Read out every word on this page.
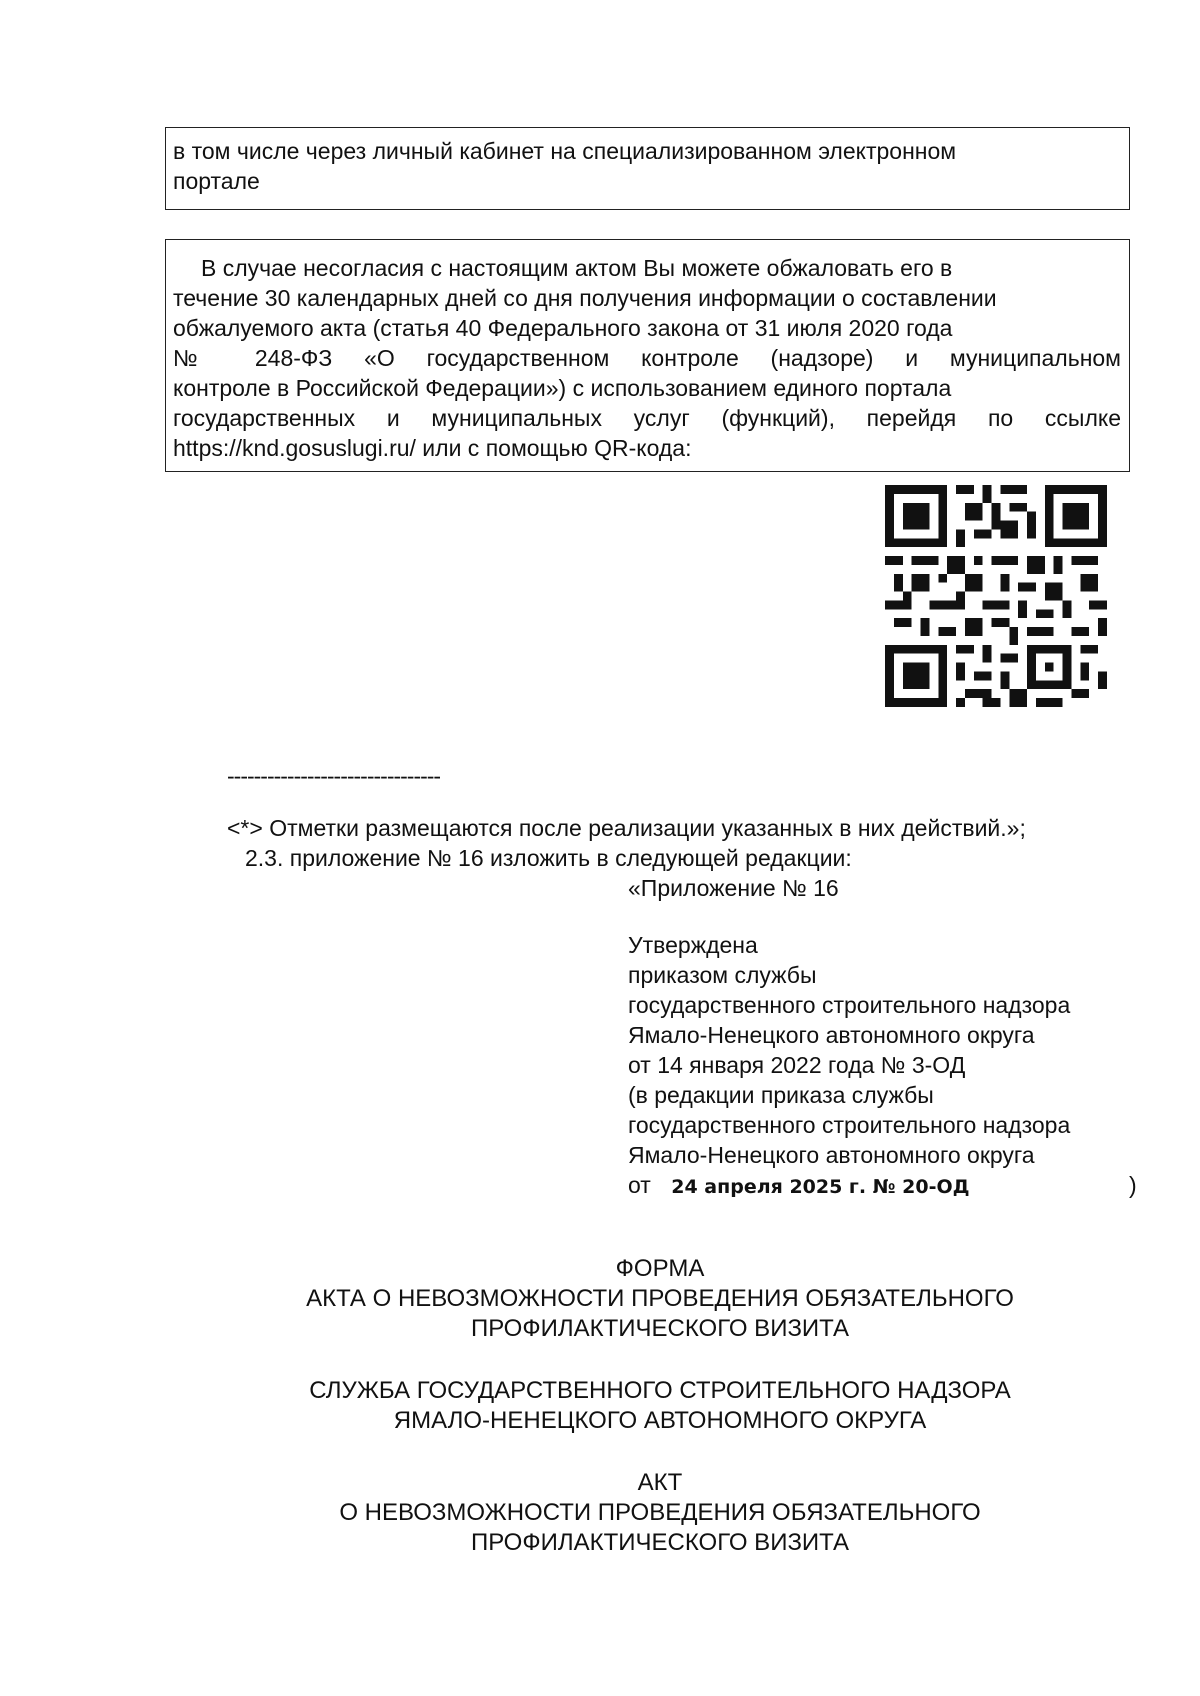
в том числе через личный кабинет на специализированном электронном
портале
В случае несогласия с настоящим актом Вы можете обжаловать его в
течение 30 календарных дней со дня получения информации о составлении
обжалуемого акта (статья 40 Федерального закона от 31 июля 2020 года
№ 248-ФЗ «О государственном контроле (надзоре) и муниципальном
контроле в Российской Федерации») с использованием единого портала
государственных и муниципальных услуг (функций), перейдя по ссылке
https://knd.gosuslugi.ru/ или с помощью QR-кода:
--------------------------------
<*> Отметки размещаются после реализации указанных в них действий.»;
2.3. приложение № 16 изложить в следующей редакции:
«Приложение № 16
Утверждена
приказом службы
государственного строительного надзора
Ямало-Ненецкого автономного округа
от 14 января 2022 года № 3-ОД
(в редакции приказа службы
государственного строительного надзора
Ямало-Ненецкого автономного округа
от 24 апреля 2025 г. № 20-ОД	)
ФОРМА
АКТА О НЕВОЗМОЖНОСТИ ПРОВЕДЕНИЯ ОБЯЗАТЕЛЬНОГО
ПРОФИЛАКТИЧЕСКОГО ВИЗИТА
СЛУЖБА ГОСУДАРСТВЕННОГО СТРОИТЕЛЬНОГО НАДЗОРА
ЯМАЛО-НЕНЕЦКОГО АВТОНОМНОГО ОКРУГА
АКТ
О НЕВОЗМОЖНОСТИ ПРОВЕДЕНИЯ ОБЯЗАТЕЛЬНОГО
ПРОФИЛАКТИЧЕСКОГО ВИЗИТА
